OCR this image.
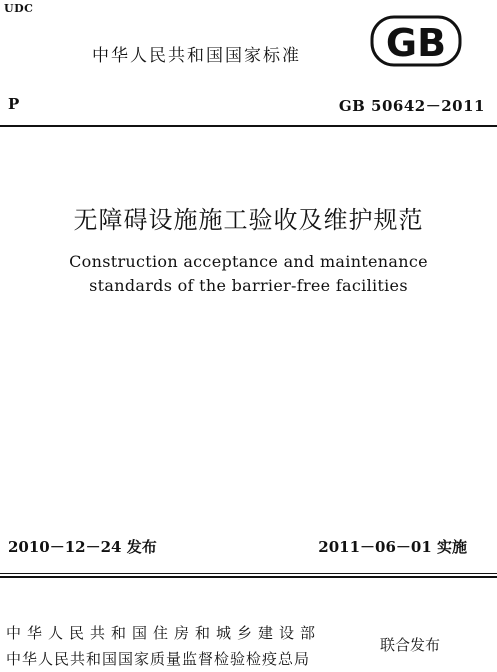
UDC
中华人民共和国国家标准 GB
P	GB 50642－2011
无障碍设施施工验收及维护规范
Construction acceptance and maintenance
standards of the barrier-free facilities
2010－12－24 发布	2011－06－01 实施
中华人民共和国住房和城乡建设部
中华人民共和国国家质量监督检验检疫总局
联合发布
